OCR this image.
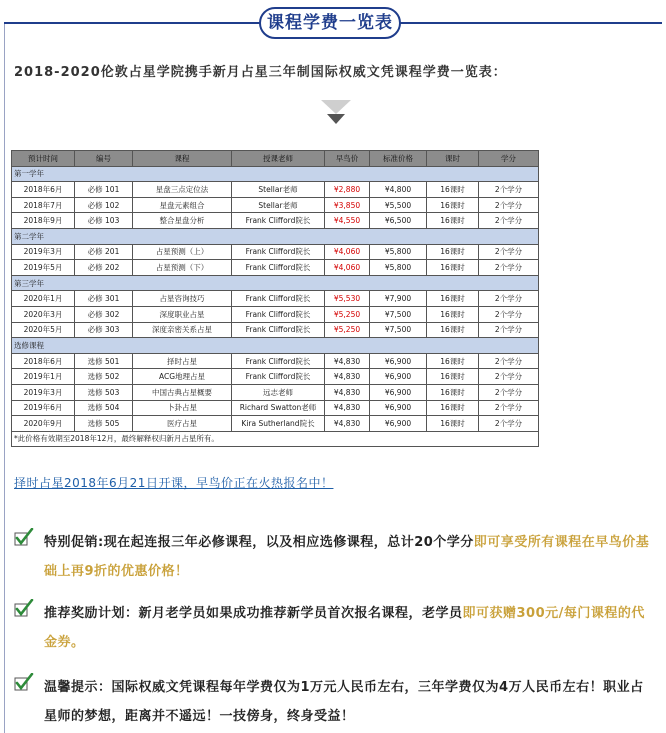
课程学费一览表
2018-2020伦敦占星学院携手新月占星三年制国际权威文凭课程学费一览表：
预计时间	编号	课程	授课老师	早鸟价	标准价格	课时	学分
第一学年							
2018年6月	必修 101	星盘三点定位法	Stellar老师	¥2,880	¥4,800	16课时	2个学分
2018年7月	必修 102	星盘元素组合	Stellar老师	¥3,850	¥5,500	16课时	2个学分
2018年9月	必修 103	整合星盘分析	Frank Clifford院长	¥4,550	¥6,500	16课时	2个学分
第二学年							
2019年3月	必修 201	占星预测（上）	Frank Clifford院长	¥4,060	¥5,800	16课时	2个学分
2019年5月	必修 202	占星预测（下）	Frank Clifford院长	¥4,060	¥5,800	16课时	2个学分
第三学年							
2020年1月	必修 301	占星咨询技巧	Frank Clifford院长	¥5,530	¥7,900	16课时	2个学分
2020年3月	必修 302	深度职业占星	Frank Clifford院长	¥5,250	¥7,500	16课时	2个学分
2020年5月	必修 303	深度亲密关系占星	Frank Clifford院长	¥5,250	¥7,500	16课时	2个学分
选修课程							
2018年6月	选修 501	择时占星	Frank Clifford院长	¥4,830	¥6,900	16课时	2个学分
2019年1月	选修 502	ACG地理占星	Frank Clifford院长	¥4,830	¥6,900	16课时	2个学分
2019年3月	选修 503	中国古典占星概要	远志老师	¥4,830	¥6,900	16课时	2个学分
2019年6月	选修 504	卜卦占星	Richard Swatton老师	¥4,830	¥6,900	16课时	2个学分
2020年9月	选修 505	医疗占星	Kira Sutherland院长	¥4,830	¥6,900	16课时	2个学分
*此价格有效期至2018年12月，最终解释权归新月占星所有。							
择时占星2018年6月21日开课，早鸟价正在火热报名中！
特别促销:现在起连报三年必修课程，以及相应选修课程，总计20个学分即可享受所有课程在早鸟价基础上再9折的优惠价格！
推荐奖励计划：新月老学员如果成功推荐新学员首次报名课程，老学员即可获赠300元/每门课程的代金券。
温馨提示：国际权威文凭课程每年学费仅为1万元人民币左右，三年学费仅为4万人民币左右！职业占星师的梦想，距离并不遥远！一技傍身，终身受益！
